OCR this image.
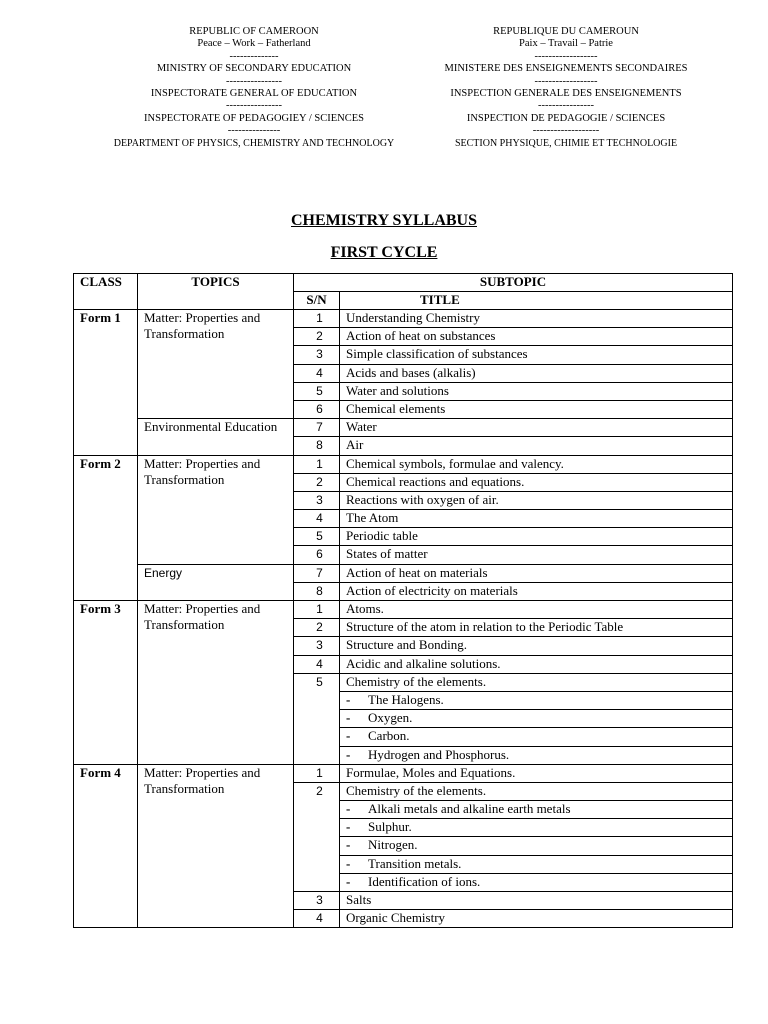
REPUBLIC OF CAMEROON
Peace – Work – Fatherland
--------------
MINISTRY OF SECONDARY EDUCATION
----------------
INSPECTORATE GENERAL OF EDUCATION
----------------
INSPECTORATE OF PEDAGOGIEY / SCIENCES
---------------
DEPARTMENT OF PHYSICS, CHEMISTRY AND TECHNOLOGY
REPUBLIQUE DU CAMEROUN
Paix – Travail – Patrie
------------------
MINISTERE DES ENSEIGNEMENTS SECONDAIRES
------------------
INSPECTION GENERALE DES ENSEIGNEMENTS
----------------
INSPECTION DE PEDAGOGIE / SCIENCES
-------------------
SECTION PHYSIQUE, CHIMIE ET TECHNOLOGIE
CHEMISTRY SYLLABUS
FIRST CYCLE
CLASS	TOPICS	SUBTOPIC	
		S/N	TITLE
Form 1	Matter: Properties and Transformation	1	Understanding Chemistry
		2	Action of heat on substances
		3	Simple classification of substances
		4	Acids and bases (alkalis)
		5	Water and solutions
		6	Chemical elements
	Environmental Education	7	Water
		8	Air
Form 2	Matter: Properties and Transformation	1	Chemical symbols, formulae and valency.
		2	Chemical reactions and equations.
		3	Reactions with oxygen of air.
		4	The Atom
		5	Periodic table
		6	States of matter
	Energy	7	Action of heat on materials
		8	Action of electricity on materials
Form 3	Matter: Properties and Transformation	1	Atoms.
		2	Structure of the atom in relation to the Periodic Table
		3	Structure and Bonding.
		4	Acidic and alkaline solutions.
		5	Chemistry of the elements.
			- The Halogens.
			- Oxygen.
			- Carbon.
			- Hydrogen and Phosphorus.
Form 4	Matter: Properties and Transformation	1	Formulae, Moles and Equations.
		2	Chemistry of the elements.
			- Alkali metals and alkaline earth metals
			- Sulphur.
			- Nitrogen.
			- Transition metals.
			- Identification of ions.
		3	Salts
		4	Organic Chemistry
